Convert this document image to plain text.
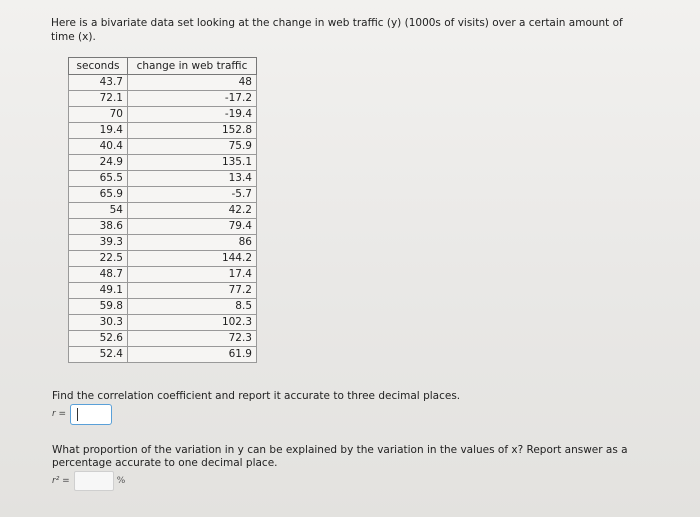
Here is a bivariate data set looking at the change in web traffic (y) (1000s of visits) over a certain amount of time (x).
seconds	change in web traffic
43.7	48
72.1	-17.2
70	-19.4
19.4	152.8
40.4	75.9
24.9	135.1
65.5	13.4
65.9	-5.7
54	42.2
38.6	79.4
39.3	86
22.5	144.2
48.7	17.4
49.1	77.2
59.8	8.5
30.3	102.3
52.6	72.3
52.4	61.9
Find the correlation coefficient and report it accurate to three decimal places.
r =
What proportion of the variation in y can be explained by the variation in the values of x? Report answer as a percentage accurate to one decimal place.
r² =	%
